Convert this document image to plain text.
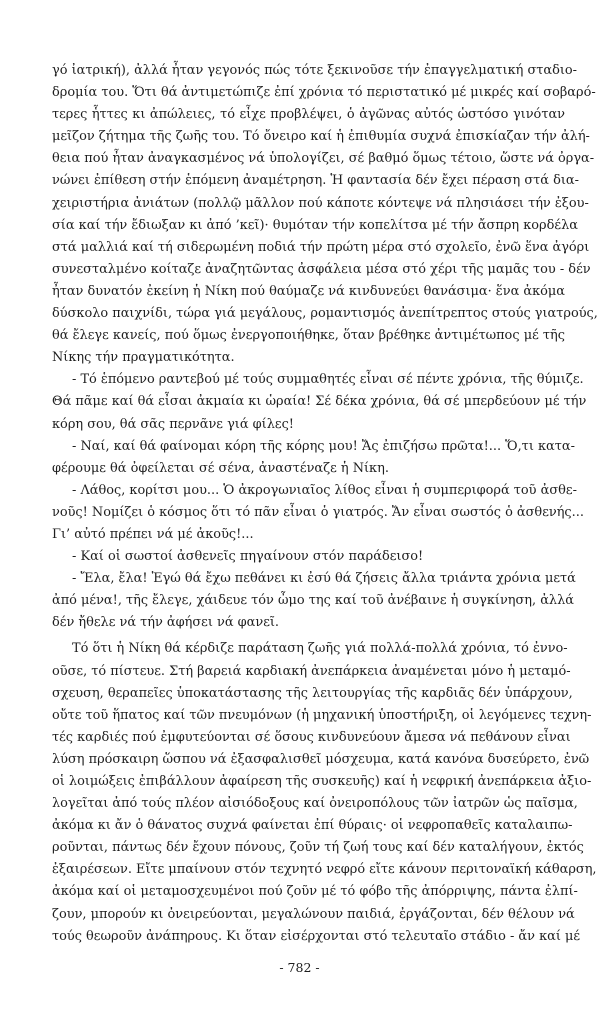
γό ἰατρική), ἀλλά ἦταν γεγονός πώς τότε ξεκινοῦσε τήν ἐπαγγελματική σταδιο-
δρομία του. Ὅτι θά ἀντιμετώπιζε ἐπί χρόνια τό περιστατικό μέ μικρές καί σοβαρό-
τερες ἧττες κι ἀπώλειες, τό εἶχε προβλέψει, ὁ ἀγῶνας αὐτός ὡστόσο γινόταν
μεῖζον ζήτημα τῆς ζωῆς του. Τό ὄνειρο καί ἡ ἐπιθυμία συχνά ἐπισκίαζαν τήν ἀλή-
θεια πού ἦταν ἀναγκασμένος νά ὑπολογίζει, σέ βαθμό ὅμως τέτοιο, ὥστε νά ὀργα-
νώνει ἐπίθεση στήν ἑπόμενη ἀναμέτρηση. Ἡ φαντασία δέν ἔχει πέραση στά δια-
χειριστήρια ἀνιάτων (πολλῷ μᾶλλον πού κάποτε κόντεψε νά πλησιάσει τήν ἐξου-
σία καί τήν ἔδιωξαν κι ἀπό ’κεῖ)· θυμόταν τήν κοπελίτσα μέ τήν ἄσπρη κορδέλα
στά μαλλιά καί τή σιδερωμένη ποδιά τήν πρώτη μέρα στό σχολεῖο, ἐνῶ ἕνα ἀγόρι
συνεσταλμένο κοίταζε ἀναζητῶντας ἀσφάλεια μέσα στό χέρι τῆς μαμᾶς του - δέν
ἦταν δυνατόν ἐκείνη ἡ Νίκη πού θαύμαζε νά κινδυνεύει θανάσιμα· ἕνα ἀκόμα
δύσκολο παιχνίδι, τώρα γιά μεγάλους, ρομαντισμός ἀνεπίτρεπτος στούς γιατρούς,
θά ἔλεγε κανείς, πού ὅμως ἐνεργοποιήθηκε, ὅταν βρέθηκε ἀντιμέτωπος μέ τῆς
Νίκης τήν πραγματικότητα.
- Τό ἑπόμενο ραντεβού μέ τούς συμμαθητές εἶναι σέ πέντε χρόνια, τῆς θύμιζε.
Θά πᾶμε καί θά εἶσαι ἀκμαία κι ὡραία! Σέ δέκα χρόνια, θά σέ μπερδεύουν μέ τήν
κόρη σου, θά σᾶς περνᾶνε γιά φίλες!
- Ναί, καί θά φαίνομαι κόρη τῆς κόρης μου! Ἄς ἐπιζήσω πρῶτα!... Ὅ,τι κατα-
φέρουμε θά ὀφείλεται σέ σένα, ἀναστέναζε ἡ Νίκη.
- Λάθος, κορίτσι μου... Ὁ ἀκρογωνιαῖος λίθος εἶναι ἡ συμπεριφορά τοῦ ἀσθε-
νοῦς! Νομίζει ὁ κόσμος ὅτι τό πᾶν εἶναι ὁ γιατρός. Ἄν εἶναι σωστός ὁ ἀσθενής...
Γι’ αὐτό πρέπει νά μέ ἀκοῦς!...
- Καί οἱ σωστοί ἀσθενεῖς πηγαίνουν στόν παράδεισο!
- Ἔλα, ἔλα! Ἐγώ θά ἔχω πεθάνει κι ἐσύ θά ζήσεις ἄλλα τριάντα χρόνια μετά
ἀπό μένα!, τῆς ἔλεγε, χάιδευε τόν ὦμο της καί τοῦ ἀνέβαινε ἡ συγκίνηση, ἀλλά
δέν ἤθελε νά τήν ἀφήσει νά φανεῖ.
Τό ὅτι ἡ Νίκη θά κέρδιζε παράταση ζωῆς γιά πολλά-πολλά χρόνια, τό ἐννο-
οῦσε, τό πίστευε. Στή βαρειά καρδιακή ἀνεπάρκεια ἀναμένεται μόνο ἡ μεταμό-
σχευση, θεραπεῖες ὑποκατάστασης τῆς λειτουργίας τῆς καρδιᾶς δέν ὑπάρχουν,
οὔτε τοῦ ἥπατος καί τῶν πνευμόνων (ἡ μηχανική ὑποστήριξη, οἱ λεγόμενες τεχνη-
τές καρδιές πού ἐμφυτεύονται σέ ὅσους κινδυνεύουν ἄμεσα νά πεθάνουν εἶναι
λύση πρόσκαιρη ὥσπου νά ἐξασφαλισθεῖ μόσχευμα, κατά κανόνα δυσεύρετο, ἐνῶ
οἱ λοιμώξεις ἐπιβάλλουν ἀφαίρεση τῆς συσκευῆς) καί ἡ νεφρική ἀνεπάρκεια ἀξιο-
λογεῖται ἀπό τούς πλέον αἰσιόδοξους καί ὀνειροπόλους τῶν ἰατρῶν ὡς παῖσμα,
ἀκόμα κι ἄν ὁ θάνατος συχνά φαίνεται ἐπί θύραις· οἱ νεφροπαθεῖς καταλαιπω-
ροῦνται, πάντως δέν ἔχουν πόνους, ζοῦν τή ζωή τους καί δέν καταλήγουν, ἐκτός
ἐξαιρέσεων. Εἴτε μπαίνουν στόν τεχνητό νεφρό εἴτε κάνουν περιτοναϊκή κάθαρση,
ἀκόμα καί οἱ μεταμοσχευμένοι πού ζοῦν μέ τό φόβο τῆς ἀπόρριψης, πάντα ἐλπί-
ζουν, μπορούν κι ὀνειρεύονται, μεγαλώνουν παιδιά, ἐργάζονται, δέν θέλουν νά
τούς θεωροῦν ἀνάπηρους. Κι ὅταν εἰσέρχονται στό τελευταῖο στάδιο - ἄν καί μέ
- 782 -
